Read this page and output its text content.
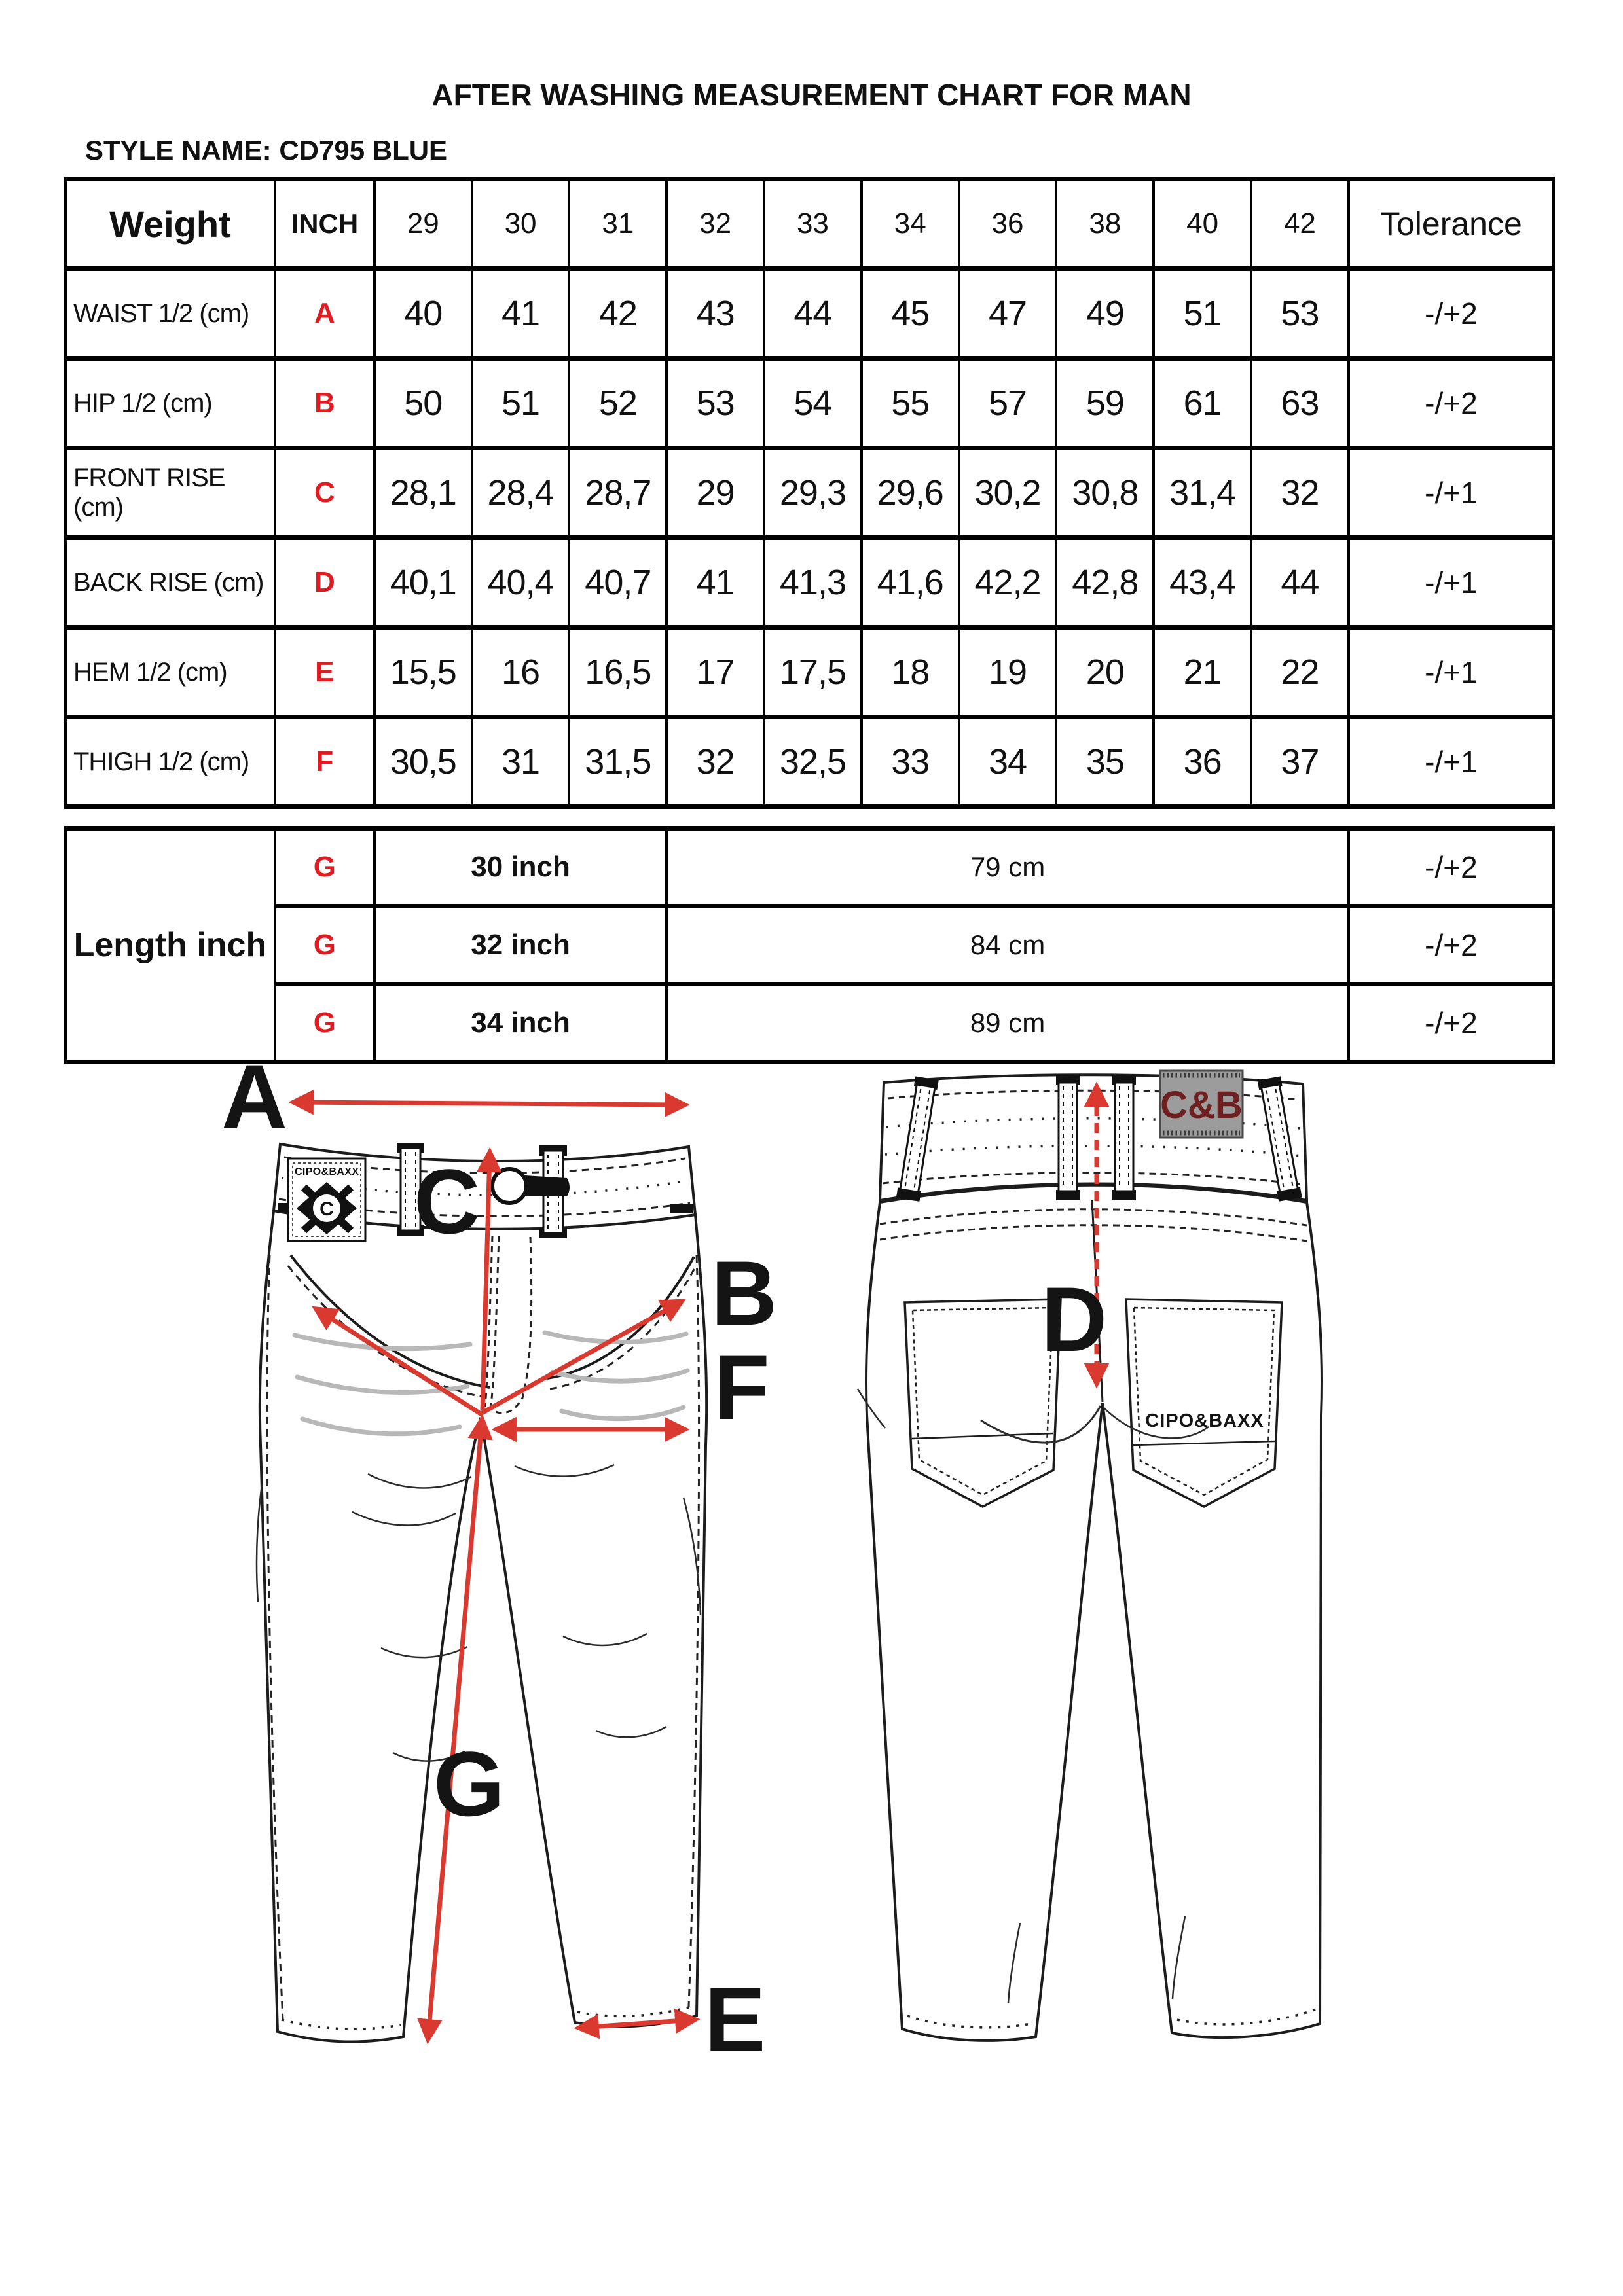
AFTER WASHING MEASUREMENT CHART FOR MAN
STYLE NAME: CD795 BLUE
Weight	INCH	29	30	31	32	33	34	36	38	40	42	Tolerance
WAIST 1/2 (cm)	A	40	41	42	43	44	45	47	49	51	53	-/+2
HIP 1/2 (cm)	B	50	51	52	53	54	55	57	59	61	63	-/+2
FRONT RISE (cm)	C	28,1	28,4	28,7	29	29,3	29,6	30,2	30,8	31,4	32	-/+1
BACK RISE (cm)	D	40,1	40,4	40,7	41	41,3	41,6	42,2	42,8	43,4	44	-/+1
HEM 1/2 (cm)	E	15,5	16	16,5	17	17,5	18	19	20	21	22	-/+1
THIGH 1/2 (cm)	F	30,5	31	31,5	32	32,5	33	34	35	36	37	-/+1
Length inch	G	30 inch	79 cm	-/+2
	G	32 inch	84 cm	-/+2
	G	34 inch	89 cm	-/+2
CIPO&BAXX
C
A
C
B
F
G
E
C&B
CIPO&BAXX
D
